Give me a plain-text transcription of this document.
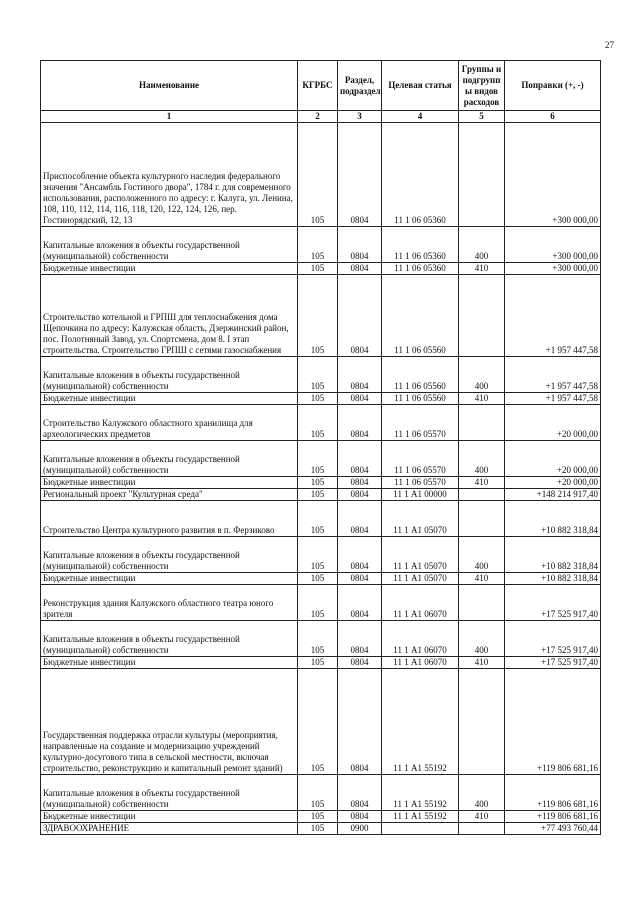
27
Наименование	КГРБС	Раздел, подраздел	Целевая статья	Группы и подгрупп ы видов расходов	Поправки (+, -)
1	2	3	4	5	6
Приспособление объекта культурного наследия федерального значения "Ансамбль Гостиного двора", 1784 г. для современного использования, расположенного по адресу: г. Калуга, ул. Ленина, 108, 110, 112, 114, 116, 118, 120, 122, 124, 126, пер. Гостинорядский, 12, 13	105	0804	11 1 06 05360		+300 000,00
Капитальные вложения в объекты государственной (муниципальной) собственности	105	0804	11 1 06 05360	400	+300 000,00
Бюджетные инвестиции	105	0804	11 1 06 05360	410	+300 000,00
Строительство котельной и ГРПШ для теплоснабжения дома Щепочкина по адресу: Калужская область, Дзержинский район, пос. Полотняный Завод, ул. Спортсмена, дом 8. I этап строительства. Строительство ГРПШ с сетями газоснабжения	105	0804	11 1 06 05560		+1 957 447,58
Капитальные вложения в объекты государственной (муниципальной) собственности	105	0804	11 1 06 05560	400	+1 957 447,58
Бюджетные инвестиции	105	0804	11 1 06 05560	410	+1 957 447,58
Строительство Калужского областного хранилища для археологических предметов	105	0804	11 1 06 05570		+20 000,00
Капитальные вложения в объекты государственной (муниципальной) собственности	105	0804	11 1 06 05570	400	+20 000,00
Бюджетные инвестиции	105	0804	11 1 06 05570	410	+20 000,00
Региональный проект "Культурная среда"	105	0804	11 1 А1 00000		+148 214 917,40
Строительство Центра культурного развития в п. Ферзиково	105	0804	11 1 А1 05070		+10 882 318,84
Капитальные вложения в объекты государственной (муниципальной) собственности	105	0804	11 1 А1 05070	400	+10 882 318,84
Бюджетные инвестиции	105	0804	11 1 А1 05070	410	+10 882 318,84
Реконструкция здания Калужского областного театра юного зрителя	105	0804	11 1 А1 06070		+17 525 917,40
Капитальные вложения в объекты государственной (муниципальной) собственности	105	0804	11 1 А1 06070	400	+17 525 917,40
Бюджетные инвестиции	105	0804	11 1 А1 06070	410	+17 525 917,40
Государственная поддержка отрасли культуры (мероприятия, направленные на создание и модернизацию учреждений культурно-досугового типа в сельской местности, включая строительство, реконструкцию и капитальный ремонт зданий)	105	0804	11 1 А1 55192		+119 806 681,16
Капитальные вложения в объекты государственной (муниципальной) собственности	105	0804	11 1 А1 55192	400	+119 806 681,16
Бюджетные инвестиции	105	0804	11 1 А1 55192	410	+119 806 681,16
ЗДРАВООХРАНЕНИЕ	105	0900			+77 493 760,44
